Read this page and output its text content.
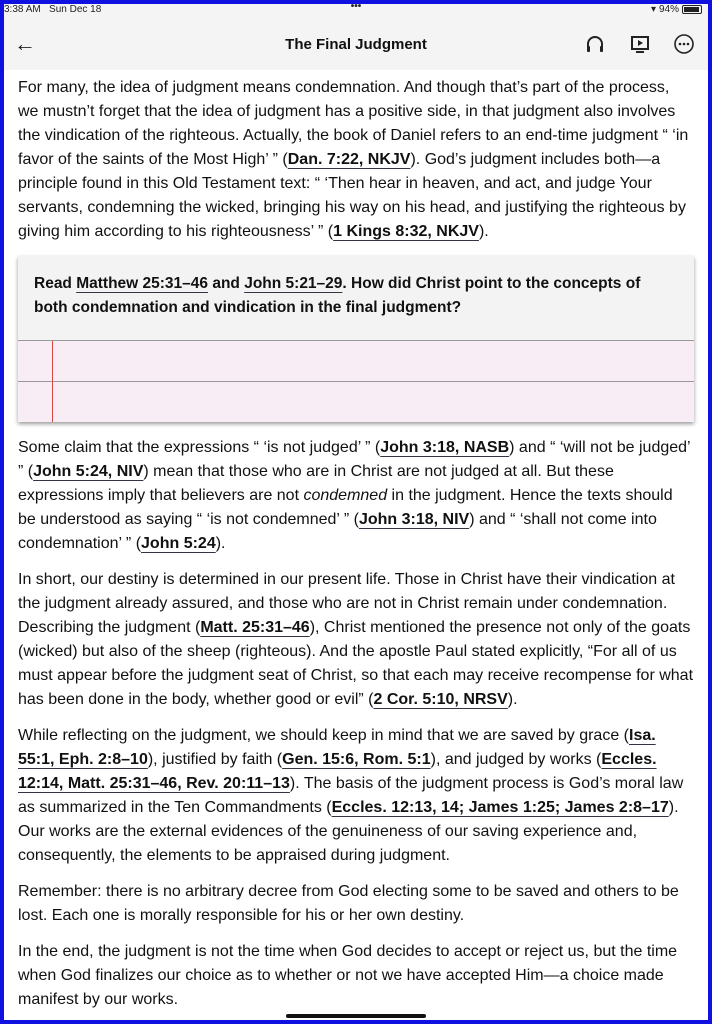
3:38 AM Sun Dec 18	•••	▾ 94%
←	The Final Judgment

For many, the idea of judgment means condemnation. And though that’s part of the process, we mustn’t forget that the idea of judgment has a positive side, in that judgment also involves the vindication of the righteous. Actually, the book of Daniel refers to an end-time judgment “ ‘in favor of the saints of the Most High’ ” (Dan. 7:22, NKJV). God’s judgment includes both—a principle found in this Old Testament text: “ ‘Then hear in heaven, and act, and judge Your servants, condemning the wicked, bringing his way on his head, and justifying the righteous by giving him according to his righteousness’ ” (1 Kings 8:32, NKJV).

Read Matthew 25:31–46 and John 5:21–29. How did Christ point to the concepts of both condemnation and vindication in the final judgment?

Some claim that the expressions “ ‘is not judged’ ” (John 3:18, NASB) and “ ‘will not be judged’ ” (John 5:24, NIV) mean that those who are in Christ are not judged at all. But these expressions imply that believers are not condemned in the judgment. Hence the texts should be understood as saying “ ‘is not condemned’ ” (John 3:18, NIV) and “ ‘shall not come into condemnation’ ” (John 5:24).

In short, our destiny is determined in our present life. Those in Christ have their vindication at the judgment already assured, and those who are not in Christ remain under condemnation. Describing the judgment (Matt. 25:31–46), Christ mentioned the presence not only of the goats (wicked) but also of the sheep (righteous). And the apostle Paul stated explicitly, “For all of us must appear before the judgment seat of Christ, so that each may receive recompense for what has been done in the body, whether good or evil” (2 Cor. 5:10, NRSV).

While reflecting on the judgment, we should keep in mind that we are saved by grace (Isa. 55:1, Eph. 2:8–10), justified by faith (Gen. 15:6, Rom. 5:1), and judged by works (Eccles. 12:14, Matt. 25:31–46, Rev. 20:11–13). The basis of the judgment process is God’s moral law as summarized in the Ten Commandments (Eccles. 12:13, 14; James 1:25; James 2:8–17). Our works are the external evidences of the genuineness of our saving experience and, consequently, the elements to be appraised during judgment.

Remember: there is no arbitrary decree from God electing some to be saved and others to be lost. Each one is morally responsible for his or her own destiny.

In the end, the judgment is not the time when God decides to accept or reject us, but the time when God finalizes our choice as to whether or not we have accepted Him—a choice made manifest by our works.
